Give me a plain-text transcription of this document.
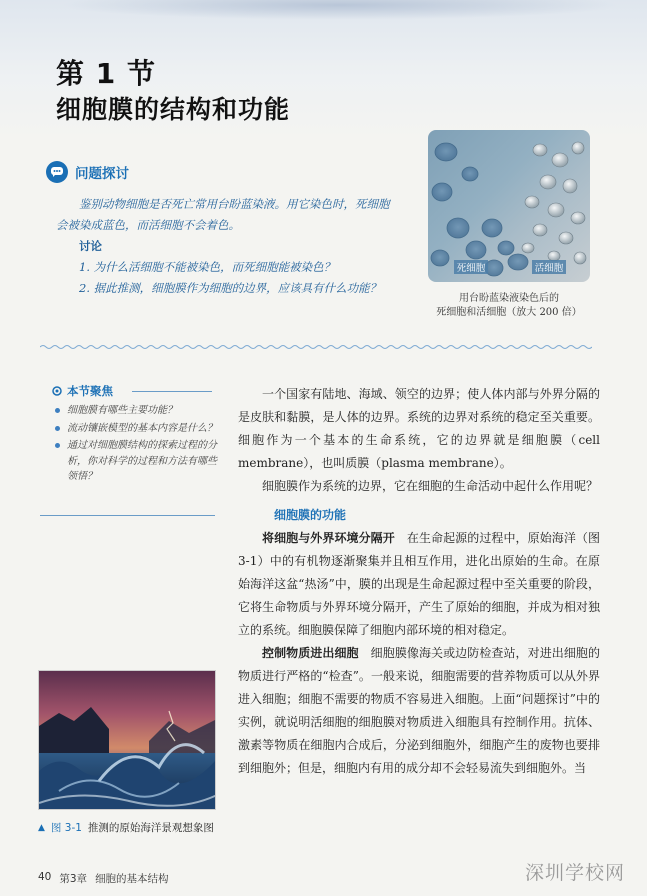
第 1 节
细胞膜的结构和功能
问题探讨
鉴别动物细胞是否死亡常用台盼蓝染液。用它染色时，死细胞会被染成蓝色，而活细胞不会着色。
讨论
1. 为什么活细胞不能被染色，而死细胞能被染色？
2. 据此推测，细胞膜作为细胞的边界，应该具有什么功能？
死细胞	活细胞
用台盼蓝染液染色后的
死细胞和活细胞（放大 200 倍）
本节聚焦
细胞膜有哪些主要功能？
流动镶嵌模型的基本内容是什么？
通过对细胞膜结构的探索过程的分析，你对科学的过程和方法有哪些领悟？

一个国家有陆地、海域、领空的边界；使人体内部与外界分隔的是皮肤和黏膜，是人体的边界。系统的边界对系统的稳定至关重要。细胞作为一个基本的生命系统，它的边界就是细胞膜（cell membrane），也叫质膜（plasma membrane）。

细胞膜作为系统的边界，它在细胞的生命活动中起什么作用呢？

细胞膜的功能

将细胞与外界环境分隔开  在生命起源的过程中，原始海洋（图 3-1）中的有机物逐渐聚集并且相互作用，进化出原始的生命。在原始海洋这盆“热汤”中，膜的出现是生命起源过程中至关重要的阶段，它将生命物质与外界环境分隔开，产生了原始的细胞，并成为相对独立的系统。细胞膜保障了细胞内部环境的相对稳定。

控制物质进出细胞  细胞膜像海关或边防检查站，对进出细胞的物质进行严格的“检查”。一般来说，细胞需要的营养物质可以从外界进入细胞；细胞不需要的物质不容易进入细胞。上面“问题探讨”中的实例，就说明活细胞的细胞膜对物质进入细胞具有控制作用。抗体、激素等物质在细胞内合成后，分泌到细胞外，细胞产生的废物也要排到细胞外；但是，细胞内有用的成分却不会轻易流失到细胞外。当

▲ 图 3-1 推测的原始海洋景观想象图
40 第3章 细胞的基本结构	深圳学校网
